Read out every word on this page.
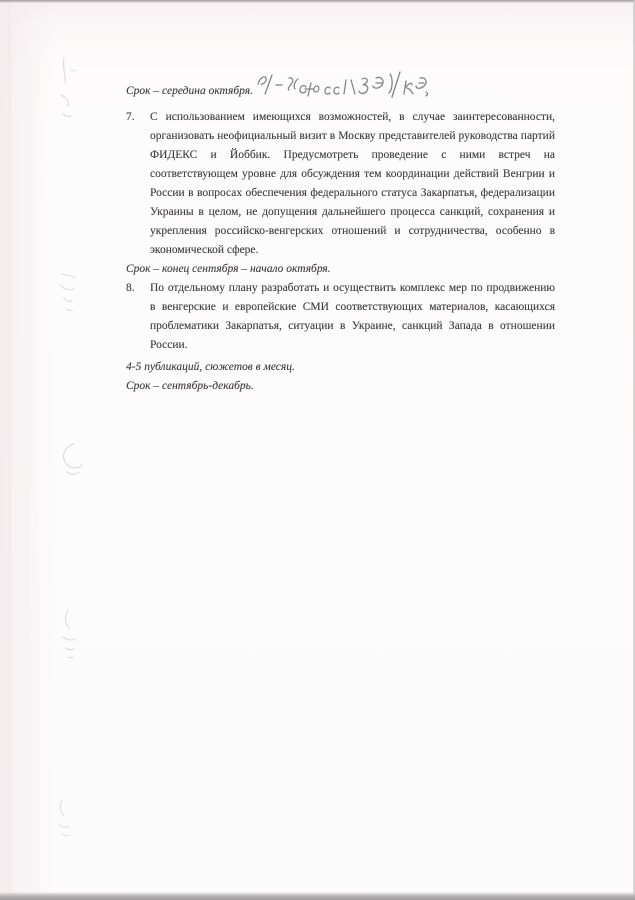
Срок – середина октября.

7.	С использованием имеющихся возможностей, в случае заинтересованности, организовать неофициальный визит в Москву представителей руководства партий ФИДЕКС и Йоббик. Предусмотреть проведение с ними встреч на соответствующем уровне для обсуждения тем координации действий Венгрии и России в вопросах обеспечения федерального статуса Закарпатья, федерализации Украины в целом, не допущения дальнейшего процесса санкций, сохранения и укрепления российско-венгерских отношений и сотрудничества, особенно в экономической сфере.

Срок – конец сентября – начало октября.

8.	По отдельному плану разработать и осуществить комплекс мер по продвижению в венгерские и европейские СМИ соответствующих материалов, касающихся проблематики Закарпатья, ситуации в Украине, санкций Запада в отношении России.

4-5 публикаций, сюжетов в месяц.

Срок – сентябрь-декабрь.
